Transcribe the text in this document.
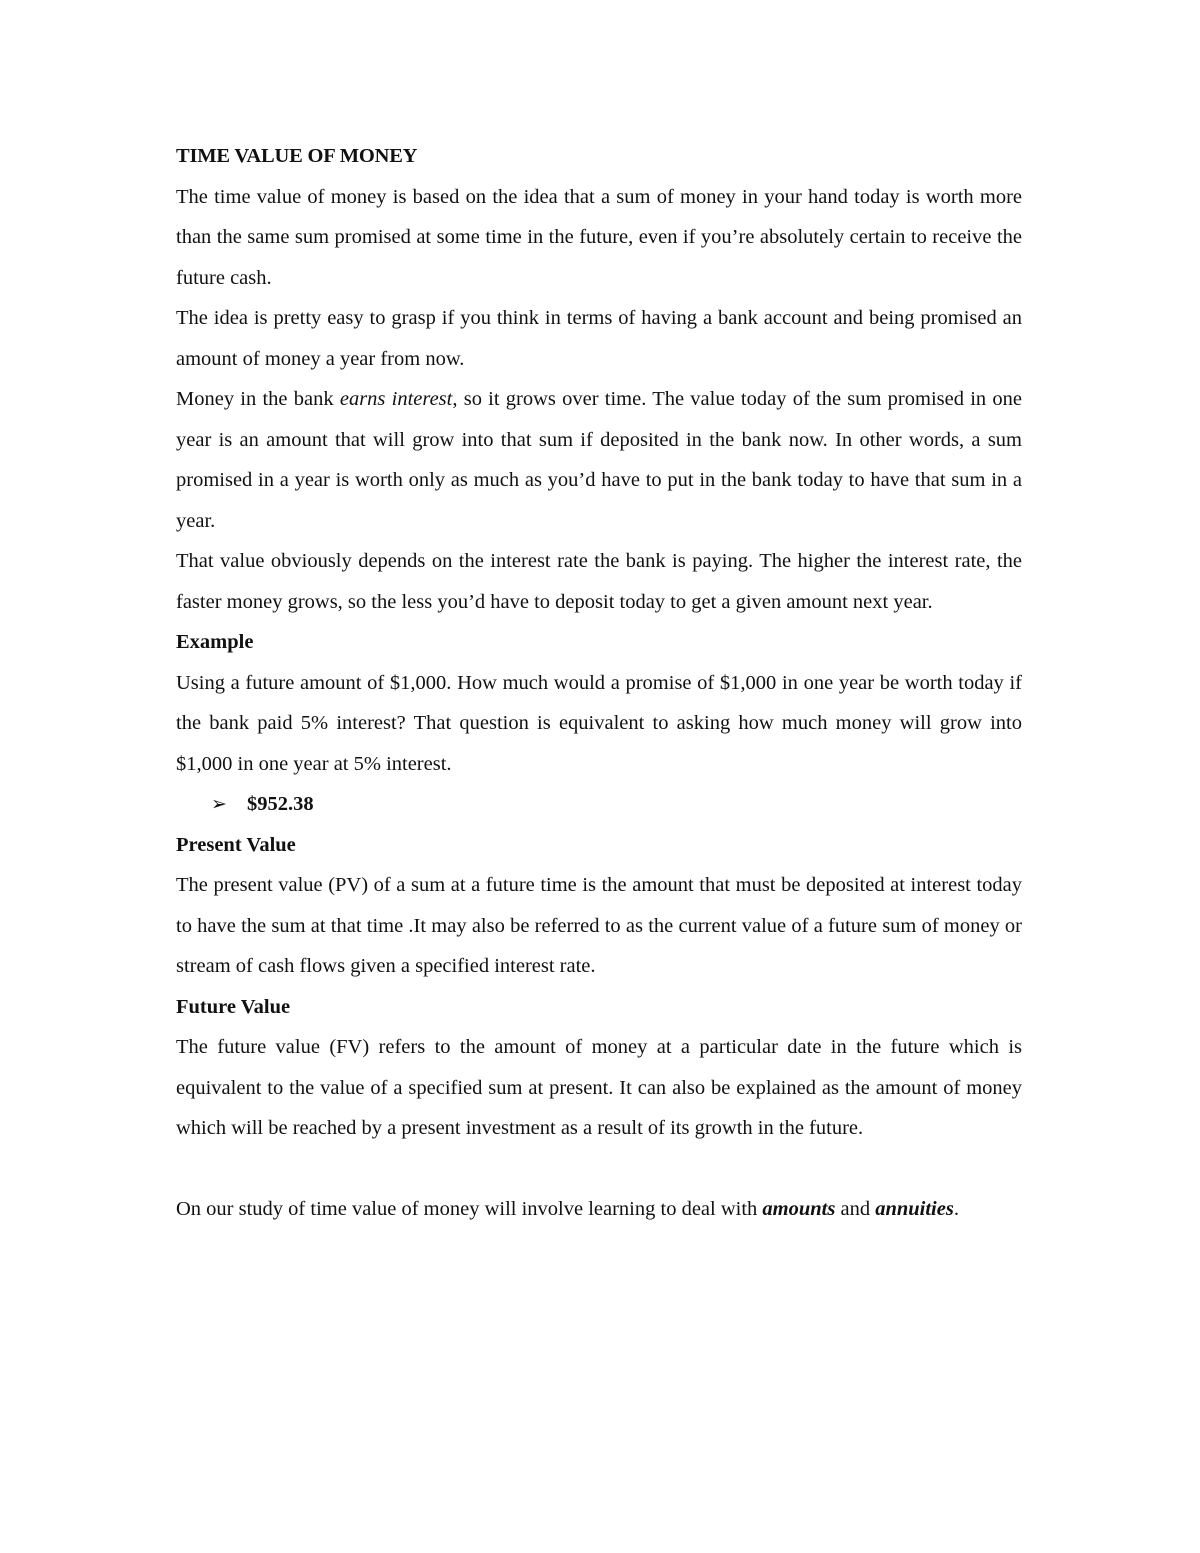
TIME VALUE OF MONEY

The time value of money is based on the idea that a sum of money in your hand today is worth more than the same sum promised at some time in the future, even if you’re absolutely certain to receive the future cash.

The idea is pretty easy to grasp if you think in terms of having a bank account and being promised an amount of money a year from now.

Money in the bank earns interest, so it grows over time. The value today of the sum promised in one year is an amount that will grow into that sum if deposited in the bank now. In other words, a sum promised in a year is worth only as much as you’d have to put in the bank today to have that sum in a year.

That value obviously depends on the interest rate the bank is paying. The higher the interest rate, the faster money grows, so the less you’d have to deposit today to get a given amount next year.

Example

Using a future amount of $1,000. How much would a promise of $1,000 in one year be worth today if the bank paid 5% interest? That question is equivalent to asking how much money will grow into $1,000 in one year at 5% interest.

➢ $952.38

Present Value

The present value (PV) of a sum at a future time is the amount that must be deposited at interest today to have the sum at that time .It may also be referred to as the current value of a future sum of money or stream of cash flows given a specified interest rate.

Future Value

The future value (FV) refers to the amount of money at a particular date in the future which is equivalent to the value of a specified sum at present. It can also be explained as the amount of money which will be reached by a present investment as a result of its growth in the future.

On our study of time value of money will involve learning to deal with amounts and annuities.
